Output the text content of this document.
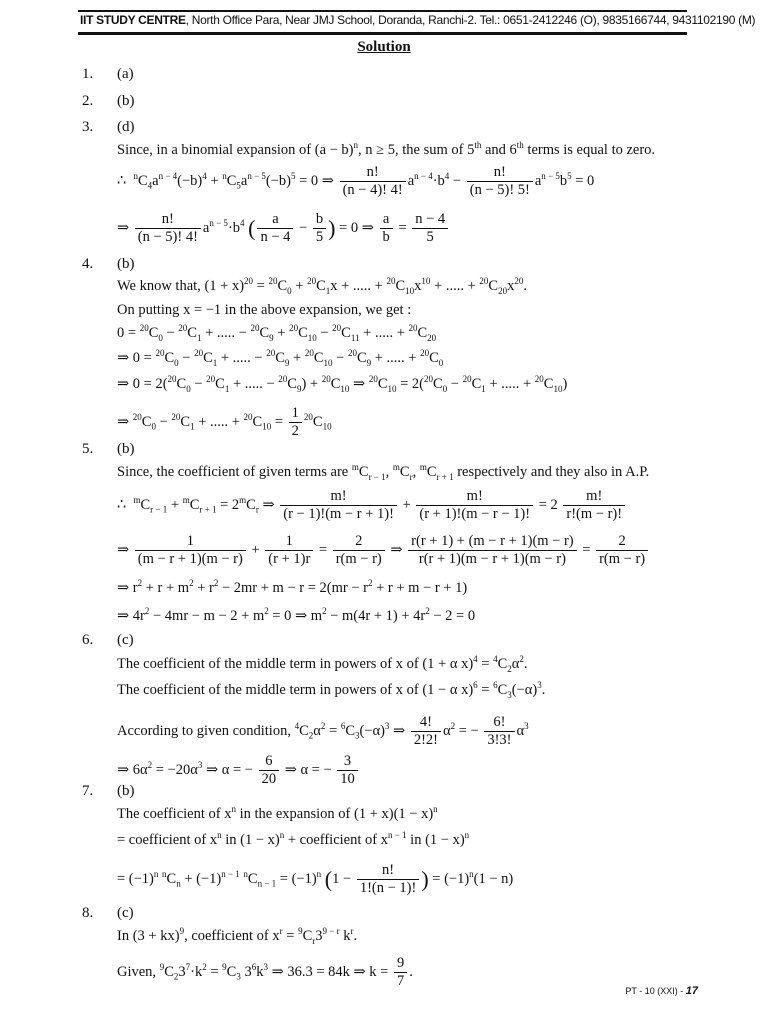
IIT STUDY CENTRE, North Office Para, Near JMJ School, Doranda, Ranchi-2. Tel.: 0651-2412246 (O), 9835166744, 9431102190 (M)
Solution
1. (a)
2. (b)
3. (d)
Since, in a binomial expansion of $(a - b)^n$, n ≥ 5, the sum of 5th and 6th terms is equal to zero.
∴  $^nC_4a^{n - 4}(-b)^4 + ^nC_5a^{n - 5}(-b)^5 = 0$ ⇒ $\frac{n!}{(n - 4)! 4!} a^{n - 4}\cdot b^4 - \frac{n!}{(n - 5)! 5!} a^{n - 5}b^5 = 0$
⇒ $\frac{n!}{(n - 5)! 4!} a^{n - 5}\cdot b^4$ ( $\frac{a}{n - 4} - \frac{b}{5}$ ) = 0 ⇒ $\frac{a}{b} = \frac{n - 4}{5}$
4. (b)
We know that, $(1 + x)^{20} = ^{20}C_0 + ^{20}C_1x$ + ..... + $^{20}C_{10}x^{10}$ + ..... + $^{20}C_{20}x^{20}$.
On putting x = −1 in the above expansion, we get :
$0 = ^{20}C_0 - ^{20}C_1$ + ..... − $^{20}C_9 + ^{20}C_{10} - ^{20}C_{11}$ + ..... + $^{20}C_{20}$
⇒ $0 = ^{20}C_0 - ^{20}C_1$ + ..... − $^{20}C_9 + ^{20}C_{10} - ^{20}C_9$ + ..... + $^{20}C_0$
⇒ $0 = 2(^{20}C_0 - ^{20}C_1$ + ..... − $^{20}C_9) + ^{20}C_{10}$ ⇒ $^{20}C_{10} = 2(^{20}C_0 - ^{20}C_1$ + ..... + $^{20}C_{10}$)
⇒ $^{20}C_0 - ^{20}C_1$ + ..... + $^{20}C_{10} = \frac{1}{2} ^{20}C_{10}$
5. (b)
Since, the coefficient of given terms are $^mC_{r - 1}$, $^mC_r$, $^mC_{r + 1}$ respectively and they also in A.P.
∴  $^mC_{r - 1} + ^mC_{r + 1} = 2^mC_r$ ⇒ $\frac{m!}{(r - 1)!(m - r + 1)!} + \frac{m!}{(r + 1)!(m - r - 1)!} = 2 \frac{m!}{r!(m - r)!}$
⇒ $\frac{1}{(m - r + 1)(m - r)} + \frac{1}{(r + 1)r} = \frac{2}{r(m - r)}$ ⇒ $\frac{r(r + 1) + (m - r + 1)(m - r)}{r(r + 1)(m - r + 1)(m - r)} = \frac{2}{r(m - r)}$
⇒ $r^2 + r + m^2 + r^2 - 2mr + m - r = 2(mr - r^2 + r + m - r + 1)$
⇒ $4r^2 - 4mr - m - 2 + m^2 = 0$ ⇒ $m^2 - m(4r + 1) + 4r^2 - 2 = 0$
6. (c)
The coefficient of the middle term in powers of x of (1 + α $x)^4 = ^4C_2\alpha^2$.
The coefficient of the middle term in powers of x of (1 − α $x)^6 = ^6C_3(-\alpha)^3$.
According to given condition, $^4C_2\alpha^2 = ^6C_3(-\alpha)^3$ ⇒ $\frac{4!}{2!2!} \alpha^2$ = − $\frac{6!}{3!3!} \alpha^3$
⇒ $6\alpha^2 = -20\alpha^3$ ⇒ α = − $\frac{6}{20}$ ⇒ α = − $\frac{3}{10}$
7. (b)
The coefficient of $x^n$ in the expansion of $(1 + x)(1 - x)^n$
= coefficient of $x^n$ in $(1 - x)^n$ + coefficient of $x^{n - 1}$ in $(1 - x)^n$
= $(-1)^n$ $^nC_n + (-1)^{n - 1}$ $^nC_{n - 1} = (-1)^n$ ($1 - \frac{n!}{1!(n - 1)!}$ ) = $(-1)^n(1 - n)$
8. (c)
In (3 + kx)$^9$, coefficient of $x^r = ^9C_r3^{9 - r}$ $k^r$.
Given, $^9C_23^7\cdot k^2 = ^9C_3$ $3^6k^3$ ⇒ 36.3 = 84k ⇒ $k = \frac{9}{7}$ .
PT - 10 (XXI) - 17
